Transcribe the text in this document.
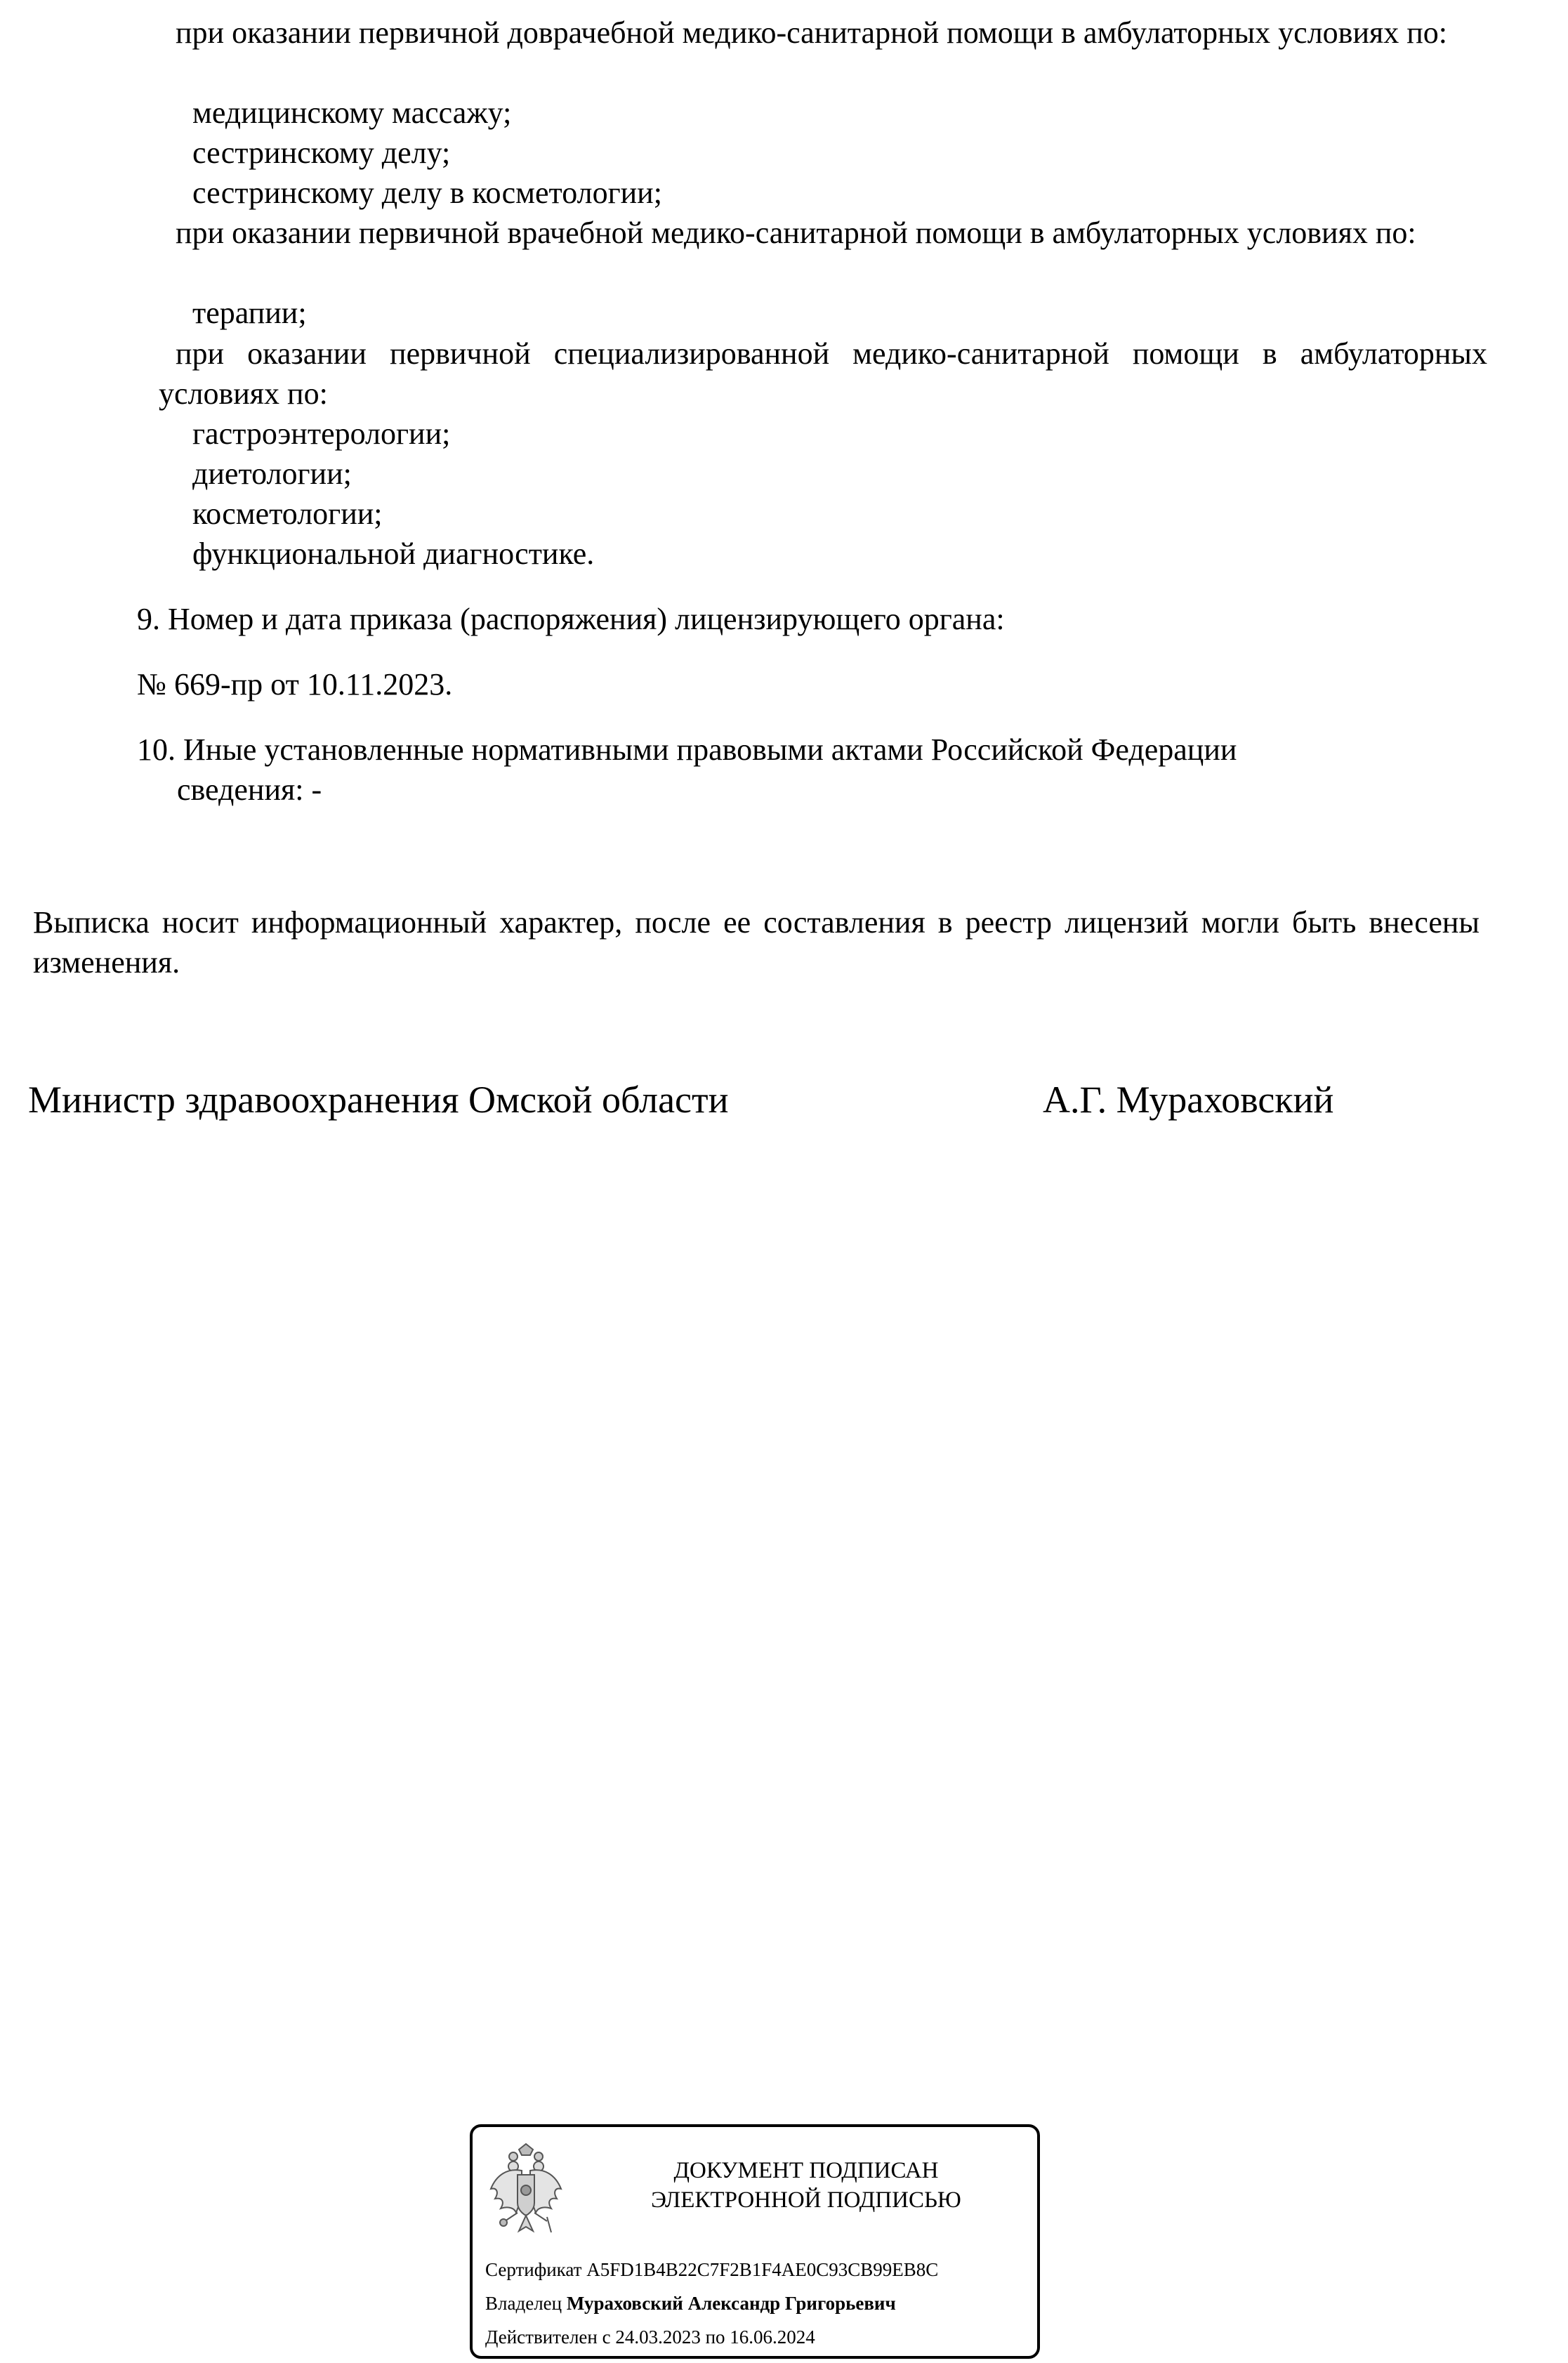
при оказании первичной доврачебной медико-санитарной помощи в амбулаторных условиях по:
медицинскому массажу;
сестринскому делу;
сестринскому делу в косметологии;
при оказании первичной врачебной медико-санитарной помощи в амбулаторных условиях по:
терапии;
при оказании первичной специализированной медико-санитарной помощи в амбулаторных условиях по:
гастроэнтерологии;
диетологии;
косметологии;
функциональной диагностике.
9. Номер и дата приказа (распоряжения) лицензирующего органа:
№ 669-пр от 10.11.2023.
10. Иные установленные нормативными правовыми актами Российской Федерации
сведения: -
Выписка носит информационный характер, после ее составления в реестр лицензий могли быть внесены изменения.
Министр здравоохранения Омской области	А.Г. Мураховский
ДОКУМЕНТ ПОДПИСАН
ЭЛЕКТРОННОЙ ПОДПИСЬЮ
Сертификат A5FD1B4B22C7F2B1F4AE0C93CB99EB8C
Владелец Мураховский Александр Григорьевич
Действителен с 24.03.2023 по 16.06.2024
